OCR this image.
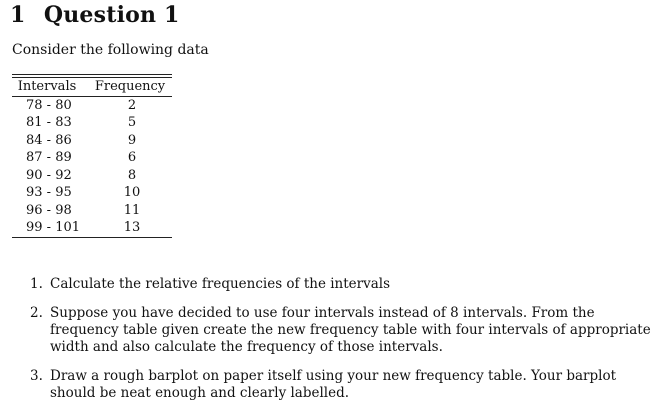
1 Question 1
Consider the following data
Intervals	Frequency
78 - 80	2
81 - 83	5
84 - 86	9
87 - 89	6
90 - 92	8
93 - 95	10
96 - 98	11
99 - 101	13
1. Calculate the relative frequencies of the intervals
2. Suppose you have decided to use four intervals instead of 8 intervals. From the frequency table given create the new frequency table with four intervals of appropriate width and also calculate the frequency of those intervals.
3. Draw a rough barplot on paper itself using your new frequency table. Your barplot should be neat enough and clearly labelled.
